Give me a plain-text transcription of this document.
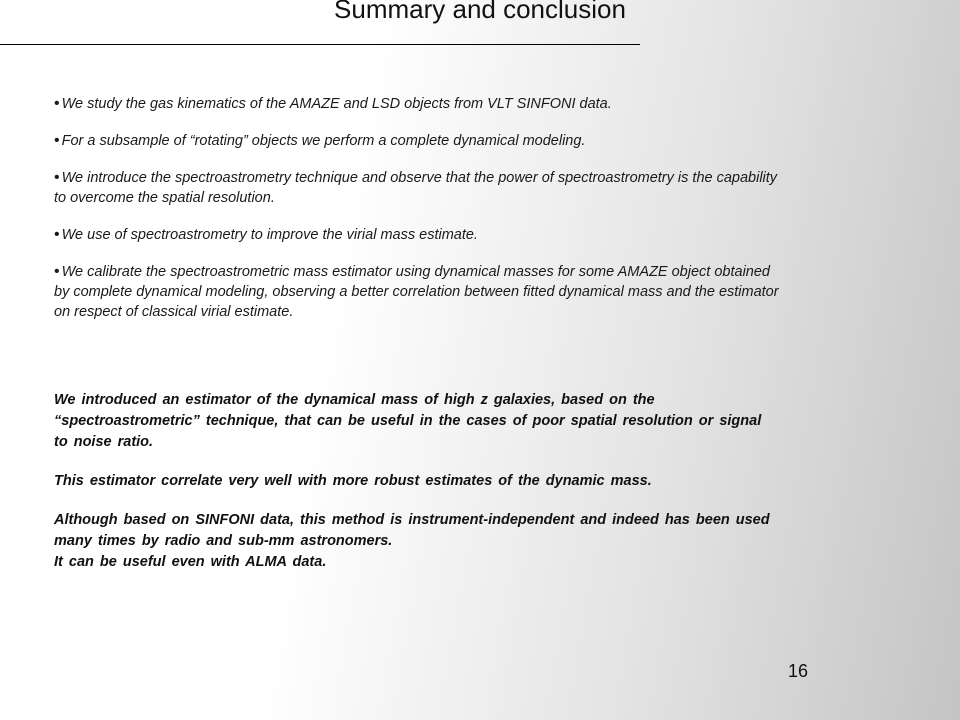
Summary and conclusion
• We study the gas kinematics of the AMAZE and LSD objects from VLT SINFONI data.
• For a subsample of “rotating” objects we perform a complete dynamical modeling.
• We introduce the spectroastrometry technique and observe that the power of spectroastrometry is the capability to overcome the spatial resolution.
• We use of spectroastrometry to improve the virial mass estimate.
• We calibrate the spectroastrometric mass estimator using dynamical masses for some AMAZE object obtained by complete dynamical modeling, observing a better correlation between fitted dynamical mass and the estimator on respect of classical virial estimate.

We introduced an estimator of the dynamical mass of high z galaxies, based on the “spectroastrometric” technique, that can be useful in the cases of poor spatial resolution or signal to noise ratio.

This estimator correlate very well with more robust estimates of the dynamic mass.

Although based on SINFONI data, this method is instrument-independent and indeed has been used many times by radio and sub-mm astronomers.
It can be useful even with ALMA data.

16
